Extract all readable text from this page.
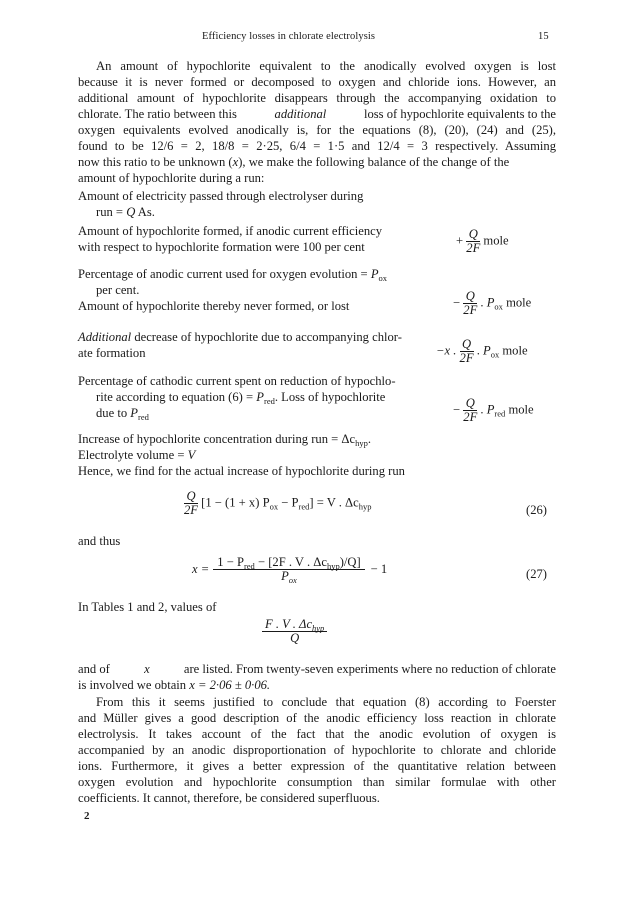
Efficiency losses in chlorate electrolysis	15
An amount of hypochlorite equivalent to the anodically evolved oxygen is lost
because it is never formed or decomposed to oxygen and chloride ions. However, an
additional amount of hypochlorite disappears through the accompanying oxidation to
chlorate. The ratio between this	additional	loss of hypochlorite equivalents to the
oxygen equivalents evolved anodically is, for the equations (8), (20), (24) and (25),
found to be 12/6 = 2, 18/8 = 2·25, 6/4 = 1·5 and 12/4 = 3 respectively. Assuming
now this ratio to be unknown ( x ), we make the following balance of the change of the
amount of hypochlorite during a run:
Amount of electricity passed through electrolyser during
run = Q As.
Amount of hypochlorite formed, if anodic current efficiency
with respect to hypochlorite formation were 100 per cent	+ $\frac{Q}{2F}$ mole
Percentage of anodic current used for oxygen evolution = $P_{ox}$
per cent.
Amount of hypochlorite thereby never formed, or lost	− $\frac{Q}{2F}$ . $P_{ox}$ mole
Additional decrease of hypochlorite due to accompanying chlor-
ate formation	−x . $\frac{Q}{2F}$ . $P_{ox}$ mole
Percentage of cathodic current spent on reduction of hypochlo-
rite according to equation $(6) = P_{red}$. Loss of hypochlorite
due to $P_{red}$
− $\frac{Q}{2F}$ . $P_{red}$ mole
Increase of hypochlorite concentration during run = $\Delta c_{hyp}$.
Electrolyte volume = V
Hence, we find for the actual increase of hypochlorite during run
$\frac{Q}{2F} [1 - (1 + x) P_{ox} - P_{red}] = V$ . $\Delta c_{hyp}$	(26)
and thus
$x = \frac{1 - P_{red} - [2F . V . \Delta c_{hyp})/Q]}{P_{ox}} - 1$	(27)
In Tables 1 and 2, values of
$\frac{F . V . \Delta c_{hyp}}{Q}$
and of	x	are listed. From twenty-seven experiments where no reduction of chlorate
is involved we obtain x = 2·06 ± 0·06.
From this it seems justified to conclude that equation (8) according to Foerster
and Müller gives a good description of the anodic efficiency loss reaction in chlorate
electrolysis. It takes account of the fact that the anodic evolution of oxygen is
accompanied by an anodic disproportionation of hypochlorite to chlorate and chloride
ions. Furthermore, it gives a better expression of the quantitative relation between
oxygen evolution and hypochlorite consumption than similar formulae with other
coefficients. It cannot, therefore, be considered superfluous.
2
